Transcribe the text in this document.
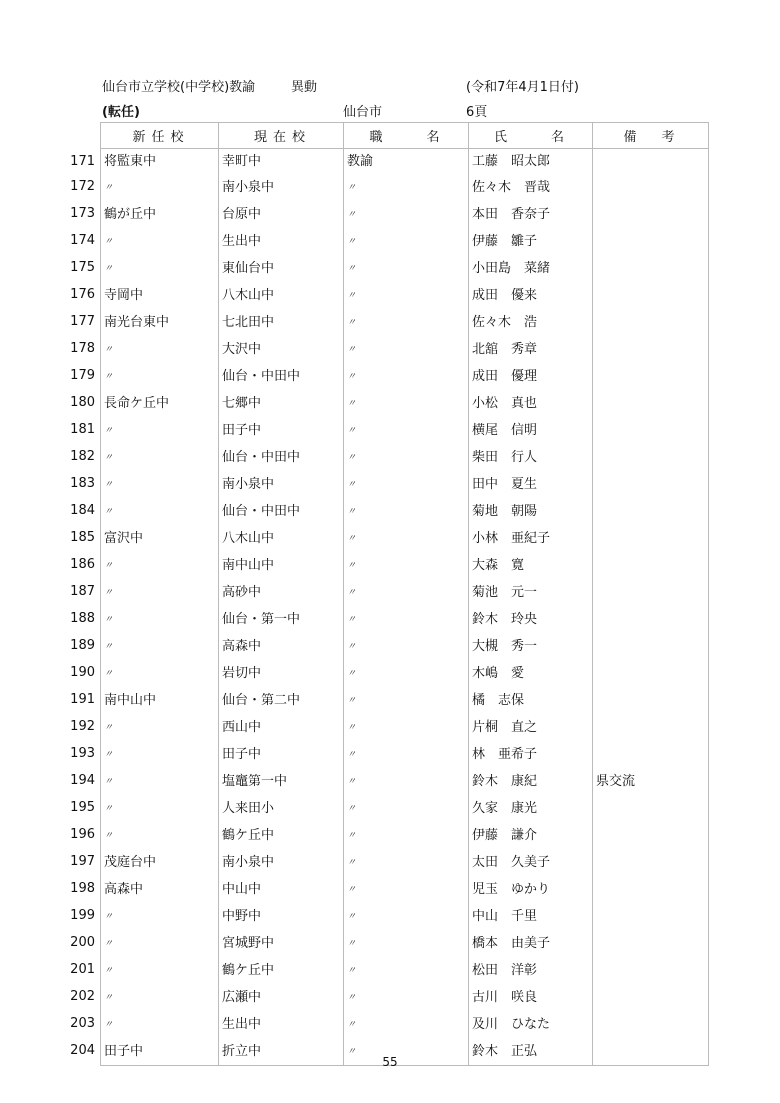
仙台市立学校(中学校)教諭	異動	(令和7年4月1日付)
(転任)	仙台市	6頁
新任校	現在校	職　　名	氏　　名	備　考

171 将監東中	幸町中	教諭	工藤　昭太郎	

172 〃	南小泉中	〃	佐々木　晋哉	

173 鶴が丘中	台原中	〃	本田　香奈子	

174 〃	生出中	〃	伊藤　雛子	

175 〃	東仙台中	〃	小田島　菜緒	

176 寺岡中	八木山中	〃	成田　優来	

177 南光台東中	七北田中	〃	佐々木　浩	

178 〃	大沢中	〃	北舘　秀章	

179 〃	仙台・中田中	〃	成田　優理	

180 長命ケ丘中	七郷中	〃	小松　真也	

181 〃	田子中	〃	横尾　信明	

182 〃	仙台・中田中	〃	柴田　行人	

183 〃	南小泉中	〃	田中　夏生	

184 〃	仙台・中田中	〃	菊地　朝陽	

185 富沢中	八木山中	〃	小林　亜紀子	

186 〃	南中山中	〃	大森　寛	

187 〃	高砂中	〃	菊池　元一	

188 〃	仙台・第一中	〃	鈴木　玲央	

189 〃	高森中	〃	大槻　秀一	

190 〃	岩切中	〃	木嶋　愛	

191 南中山中	仙台・第二中	〃	橘　志保	

192 〃	西山中	〃	片桐　直之	

193 〃	田子中	〃	林　亜希子	

194 〃	塩竈第一中	〃	鈴木　康紀	県交流

195 〃	人来田小	〃	久家　康光	

196 〃	鶴ケ丘中	〃	伊藤　謙介	

197 茂庭台中	南小泉中	〃	太田　久美子	

198 高森中	中山中	〃	児玉　ゆかり	

199 〃	中野中	〃	中山　千里	

200 〃	宮城野中	〃	橋本　由美子	

201 〃	鶴ケ丘中	〃	松田　洋彰	

202 〃	広瀬中	〃	古川　咲良	

203 〃	生出中	〃	及川　ひなた	

204 田子中	折立中	〃	鈴木　正弘	
55
